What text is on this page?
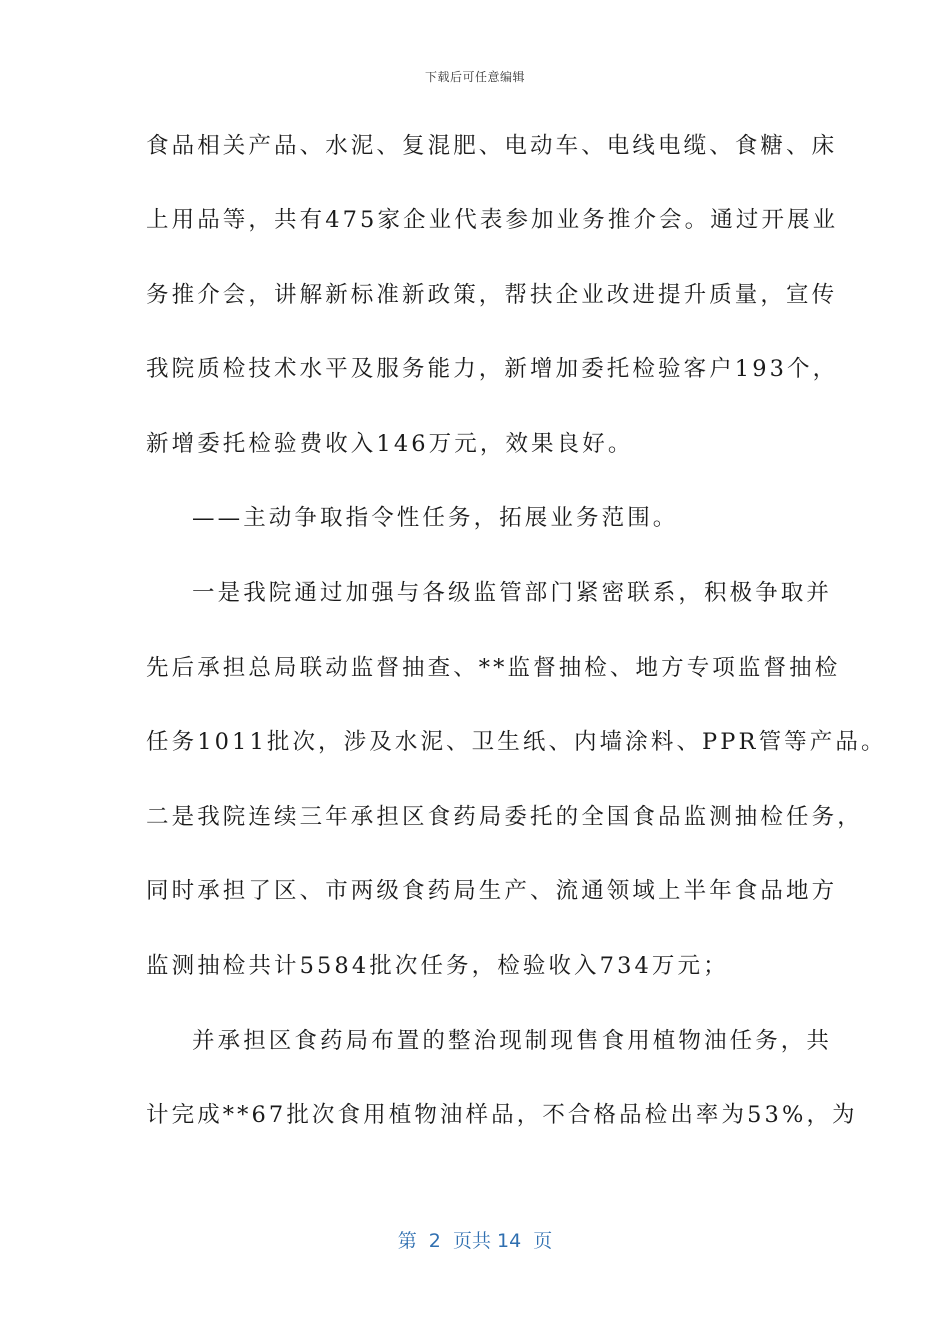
下载后可任意编辑
食品相关产品、水泥、复混肥、电动车、电线电缆、食糖、床
上用品等，共有475家企业代表参加业务推介会。通过开展业
务推介会，讲解新标准新政策，帮扶企业改进提升质量，宣传
我院质检技术水平及服务能力，新增加委托检验客户193个，
新增委托检验费收入146万元，效果良好。
——主动争取指令性任务，拓展业务范围。
一是我院通过加强与各级监管部门紧密联系，积极争取并
先后承担总局联动监督抽查、**监督抽检、地方专项监督抽检
任务1011批次，涉及水泥、卫生纸、内墙涂料、PPR管等产品。
二是我院连续三年承担区食药局委托的全国食品监测抽检任务，
同时承担了区、市两级食药局生产、流通领域上半年食品地方
监测抽检共计5584批次任务，检验收入734万元；
并承担区食药局布置的整治现制现售食用植物油任务，共
计完成**67批次食用植物油样品，不合格品检出率为53%，为
第  2  页共 14  页
